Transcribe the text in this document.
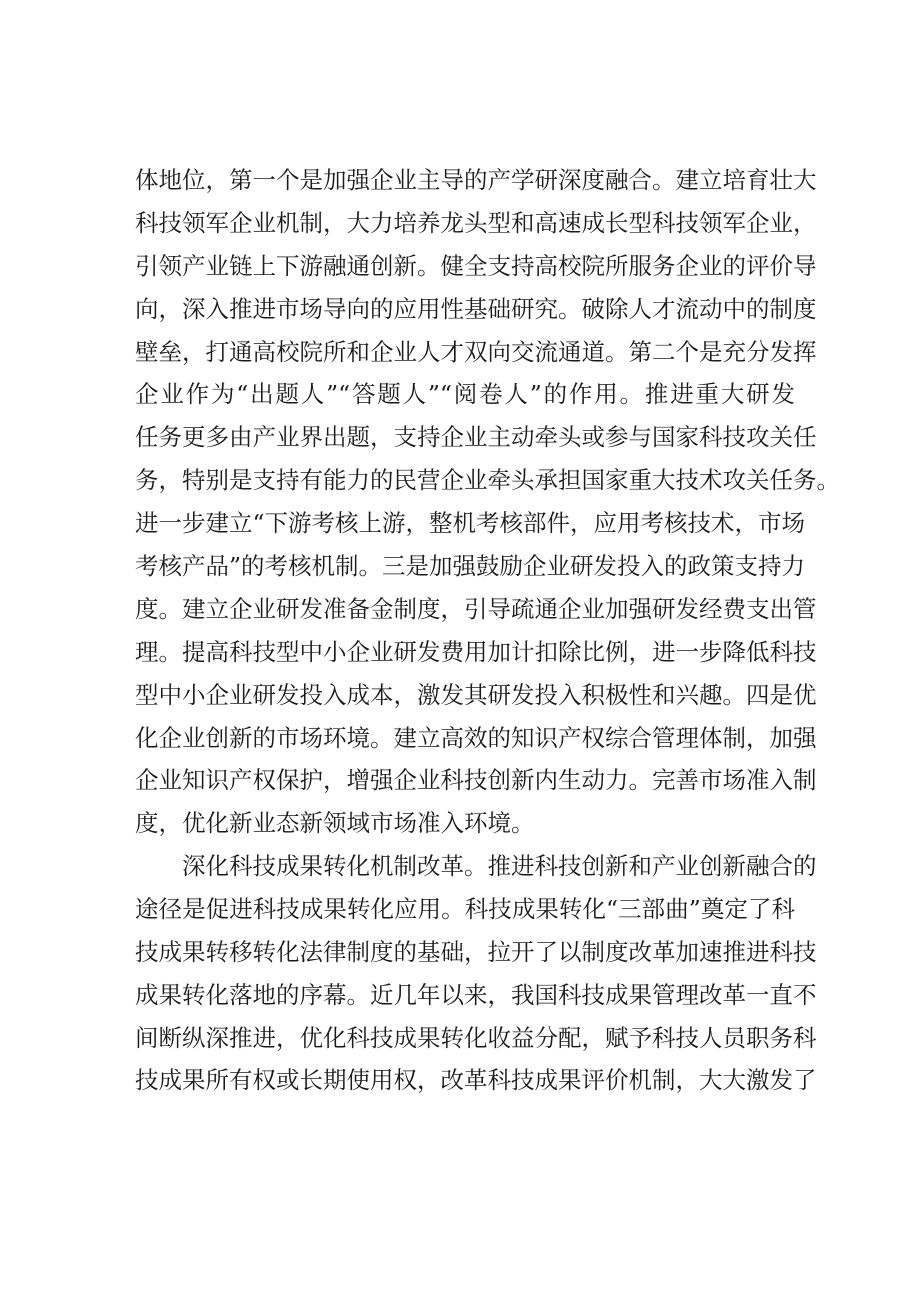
体地位，第一个是加强企业主导的产学研深度融合。建立培育壮大
科技领军企业机制，大力培养龙头型和高速成长型科技领军企业，
引领产业链上下游融通创新。健全支持高校院所服务企业的评价导
向，深入推进市场导向的应用性基础研究。破除人才流动中的制度
壁垒，打通高校院所和企业人才双向交流通道。第二个是充分发挥
企业作为“出题人”“答题人”“阅卷人”的作用。推进重大研发
任务更多由产业界出题，支持企业主动牵头或参与国家科技攻关任
务，特别是支持有能力的民营企业牵头承担国家重大技术攻关任务。
进一步建立“下游考核上游，整机考核部件，应用考核技术，市场
考核产品”的考核机制。三是加强鼓励企业研发投入的政策支持力
度。建立企业研发准备金制度，引导疏通企业加强研发经费支出管
理。提高科技型中小企业研发费用加计扣除比例，进一步降低科技
型中小企业研发投入成本，激发其研发投入积极性和兴趣。四是优
化企业创新的市场环境。建立高效的知识产权综合管理体制，加强
企业知识产权保护，增强企业科技创新内生动力。完善市场准入制
度，优化新业态新领域市场准入环境。
深化科技成果转化机制改革。推进科技创新和产业创新融合的
途径是促进科技成果转化应用。科技成果转化“三部曲”奠定了科
技成果转移转化法律制度的基础，拉开了以制度改革加速推进科技
成果转化落地的序幕。近几年以来，我国科技成果管理改革一直不
间断纵深推进，优化科技成果转化收益分配，赋予科技人员职务科
技成果所有权或长期使用权，改革科技成果评价机制，大大激发了
